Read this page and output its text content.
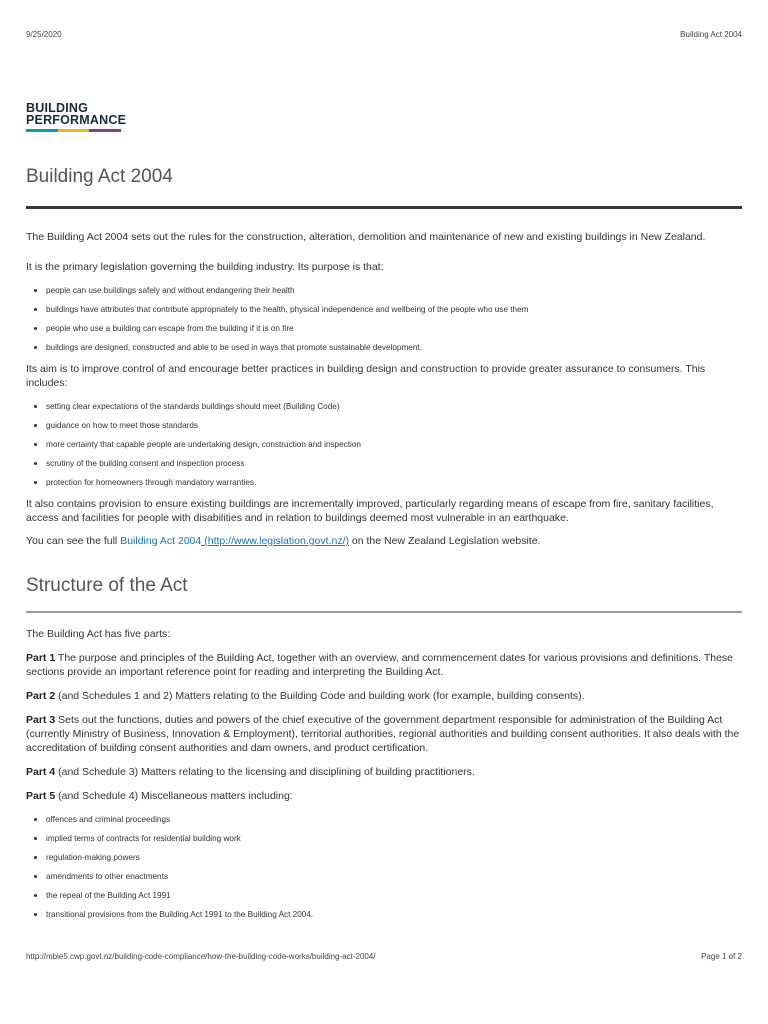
9/25/2020	Building Act 2004
BUILDING
PERFORMANCE
Building Act 2004

The Building Act 2004 sets out the rules for the construction, alteration, demolition and maintenance of new and existing buildings in New Zealand.

It is the primary legislation governing the building industry. Its purpose is that:

• people can use buildings safely and without endangering their health
• buildings have attributes that contribute appropriately to the health, physical independence and wellbeing of the people who use them
• people who use a building can escape from the building if it is on fire
• buildings are designed, constructed and able to be used in ways that promote sustainable development.

Its aim is to improve control of and encourage better practices in building design and construction to provide greater assurance to consumers. This includes:

• setting clear expectations of the standards buildings should meet (Building Code)
• guidance on how to meet those standards
• more certainty that capable people are undertaking design, construction and inspection
• scrutiny of the building consent and inspection process
• protection for homeowners through mandatory warranties.

It also contains provision to ensure existing buildings are incrementally improved, particularly regarding means of escape from fire, sanitary facilities, access and facilities for people with disabilities and in relation to buildings deemed most vulnerable in an earthquake.

You can see the full Building Act 2004 (http://www.legislation.govt.nz/) on the New Zealand Legislation website.

Structure of the Act

The Building Act has five parts:

Part 1 The purpose and principles of the Building Act, together with an overview, and commencement dates for various provisions and definitions. These sections provide an important reference point for reading and interpreting the Building Act.

Part 2 (and Schedules 1 and 2) Matters relating to the Building Code and building work (for example, building consents).

Part 3 Sets out the functions, duties and powers of the chief executive of the government department responsible for administration of the Building Act (currently Ministry of Business, Innovation & Employment), territorial authorities, regional authorities and building consent authorities. It also deals with the accreditation of building consent authorities and dam owners, and product certification.

Part 4 (and Schedule 3) Matters relating to the licensing and disciplining of building practitioners.

Part 5 (and Schedule 4) Miscellaneous matters including:

• offences and criminal proceedings
• implied terms of contracts for residential building work
• regulation-making powers
• amendments to other enactments
• the repeal of the Building Act 1991
• transitional provisions from the Building Act 1991 to the Building Act 2004.
http://mbie5.cwp.govt.nz/building-code-compliance/how-the-building-code-works/building-act-2004/	Page 1 of 2
